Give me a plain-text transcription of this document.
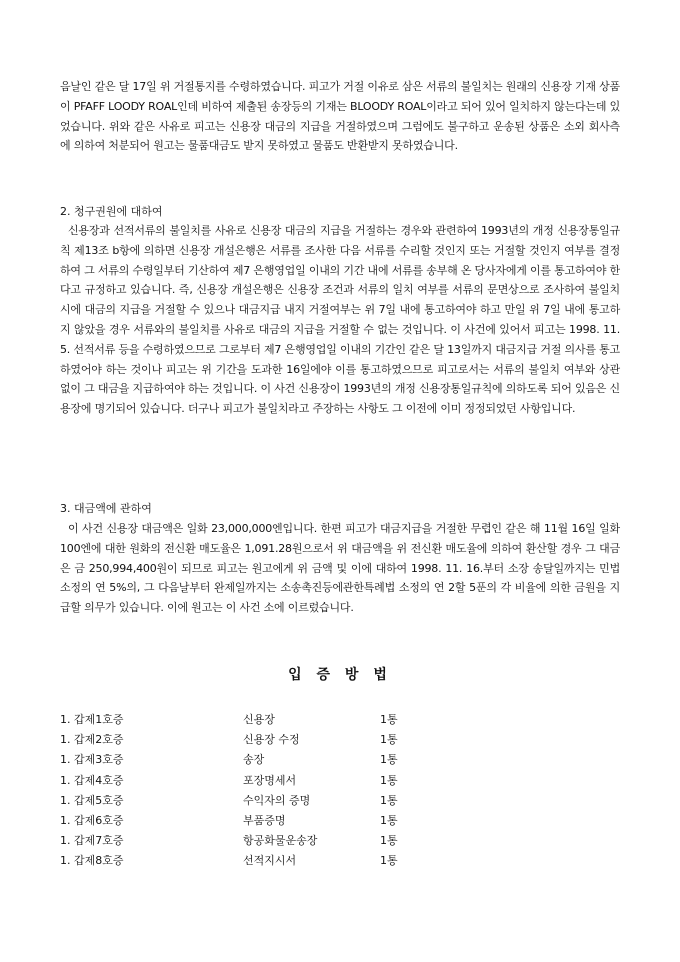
음날인 같은 달 17일 위 거절통지를 수령하였습니다. 피고가 거절 이유로 삼은 서류의 불일치는 원래의 신용장 기재 상품이 PFAFF LOODY ROAL인데 비하여 제출된 송장등의 기재는 BLOODY ROAL이라고 되어 있어 일치하지 않는다는데 있었습니다. 위와 같은 사유로 피고는 신용장 대금의 지급을 거절하였으며 그럼에도 불구하고 운송된 상품은 소외 회사측에 의하여 처분되어 원고는 물품대금도 받지 못하였고 물품도 반환받지 못하였습니다.

2. 청구권원에 대하여

신용장과 선적서류의 불일치를 사유로 신용장 대금의 지급을 거절하는 경우와 관련하여 1993년의 개정 신용장통일규칙 제13조 b항에 의하면 신용장 개설은행은 서류를 조사한 다음 서류를 수리할 것인지 또는 거절할 것인지 여부를 결정하여 그 서류의 수령일부터 기산하여 제7 은행영업일 이내의 기간 내에 서류를 송부해 온 당사자에게 이를 통고하여야 한다고 규정하고 있습니다. 즉, 신용장 개설은행은 신용장 조건과 서류의 일치 여부를 서류의 문면상으로 조사하여 불일치시에 대금의 지급을 거절할 수 있으나 대금지급 내지 거절여부는 위 7일 내에 통고하여야 하고 만일 위 7일 내에 통고하지 않았을 경우 서류와의 불일치를 사유로 대금의 지급을 거절할 수 없는 것입니다. 이 사건에 있어서 피고는 1998. 11. 5. 선적서류 등을 수령하였으므로 그로부터 제7 은행영업일 이내의 기간인 같은 달 13일까지 대금지급 거절 의사를 통고하였어야 하는 것이나 피고는 위 기간을 도과한 16일에야 이를 통고하였으므로 피고로서는 서류의 불일치 여부와 상관없이 그 대금을 지급하여야 하는 것입니다. 이 사건 신용장이 1993년의 개정 신용장통일규칙에 의하도록 되어 있음은 신용장에 명기되어 있습니다. 더구나 피고가 불일치라고 주장하는 사항도 그 이전에 이미 정정되었던 사항입니다.

3. 대금액에 관하여

이 사건 신용장 대금액은 일화 23,000,000엔입니다. 한편 피고가 대금지급을 거절한 무렵인 같은 해 11월 16일 일화 100엔에 대한 원화의 전신환 매도율은 1,091.28원으로서 위 대금액을 위 전신환 매도율에 의하여 환산할 경우 그 대금은 금 250,994,400원이 되므로 피고는 원고에게 위 금액 및 이에 대하여 1998. 11. 16.부터 소장 송달일까지는 민법 소정의 연 5%의, 그 다음날부터 완제일까지는 소송촉진등에관한특례법 소정의 연 2할 5푼의 각 비율에 의한 금원을 지급할 의무가 있습니다. 이에 원고는 이 사건 소에 이르렀습니다.

입 증 방 법
1. 갑제1호증	신용장	1통
1. 갑제2호증	신용장 수정	1통
1. 갑제3호증	송장	1통
1. 갑제4호증	포장명세서	1통
1. 갑제5호증	수익자의 증명	1통
1. 갑제6호증	부품증명	1통
1. 갑제7호증	항공화물운송장	1통
1. 갑제8호증	선적지시서	1통
